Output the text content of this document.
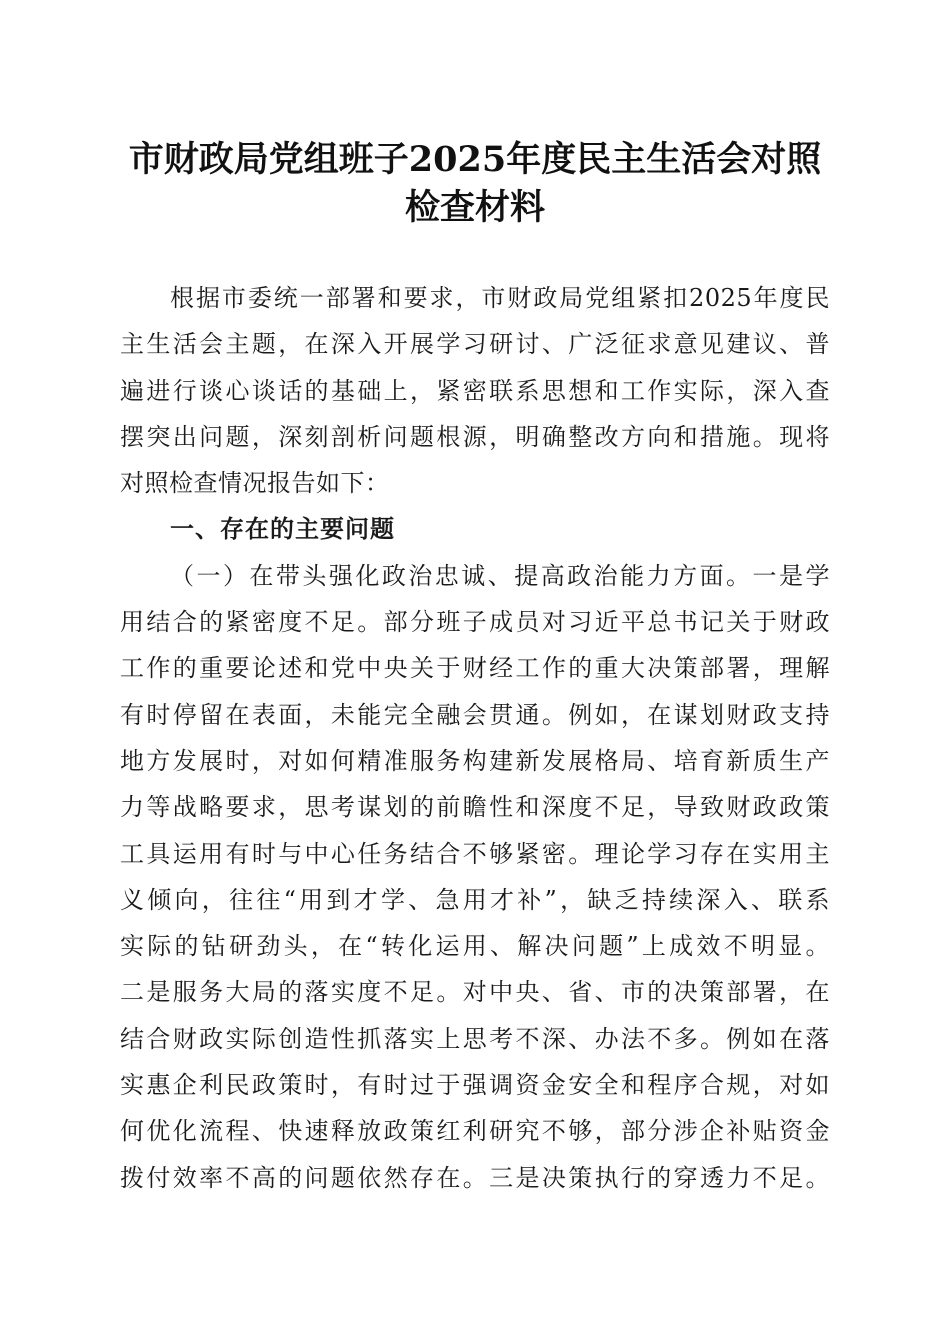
市财政局党组班子2025年度民主生活会对照
检查材料
根据市委统一部署和要求，市财政局党组紧扣2025年度民
主生活会主题，在深入开展学习研讨、广泛征求意见建议、普
遍进行谈心谈话的基础上，紧密联系思想和工作实际，深入查
摆突出问题，深刻剖析问题根源，明确整改方向和措施。现将
对照检查情况报告如下：
一、存在的主要问题
（一）在带头强化政治忠诚、提高政治能力方面。一是学
用结合的紧密度不足。部分班子成员对习近平总书记关于财政
工作的重要论述和党中央关于财经工作的重大决策部署，理解
有时停留在表面，未能完全融会贯通。例如，在谋划财政支持
地方发展时，对如何精准服务构建新发展格局、培育新质生产
力等战略要求，思考谋划的前瞻性和深度不足，导致财政政策
工具运用有时与中心任务结合不够紧密。理论学习存在实用主
义倾向，往往“用到才学、急用才补”，缺乏持续深入、联系
实际的钻研劲头，在“转化运用、解决问题”上成效不明显。
二是服务大局的落实度不足。对中央、省、市的决策部署，在
结合财政实际创造性抓落实上思考不深、办法不多。例如在落
实惠企利民政策时，有时过于强调资金安全和程序合规，对如
何优化流程、快速释放政策红利研究不够，部分涉企补贴资金
拨付效率不高的问题依然存在。三是决策执行的穿透力不足。
